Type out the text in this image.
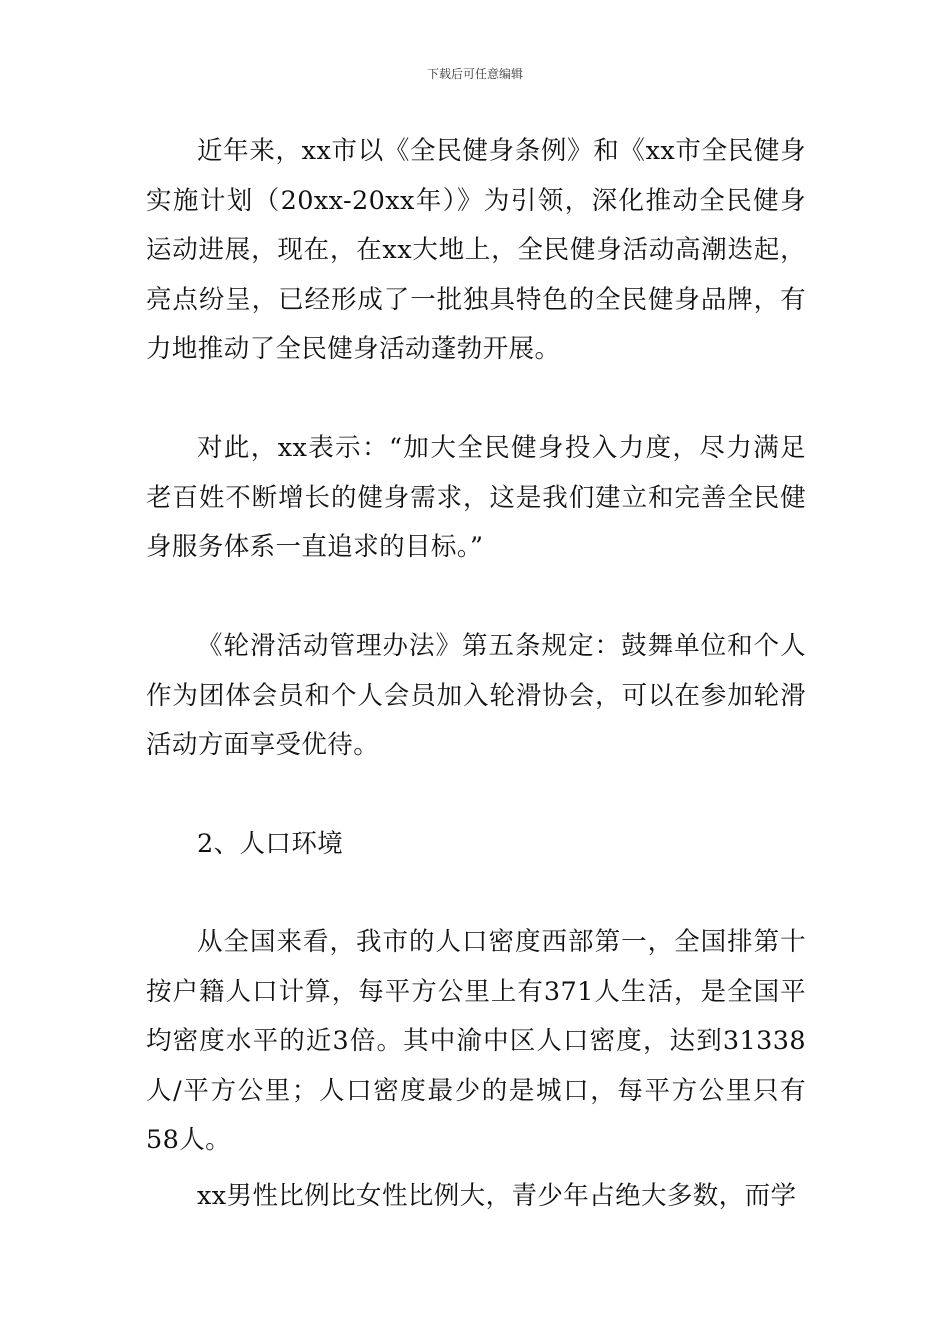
下载后可任意编辑

近年来，xx市以《全民健身条例》和《xx市全民健身实施计划（20xx-20xx年）》为引领，深化推动全民健身运动进展，现在，在xx大地上，全民健身活动高潮迭起，亮点纷呈，已经形成了一批独具特色的全民健身品牌，有力地推动了全民健身活动蓬勃开展。

对此，xx表示：“加大全民健身投入力度，尽力满足老百姓不断增长的健身需求，这是我们建立和完善全民健身服务体系一直追求的目标。”

《轮滑活动管理办法》第五条规定：鼓舞单位和个人作为团体会员和个人会员加入轮滑协会，可以在参加轮滑活动方面享受优待。

2、人口环境

从全国来看，我市的人口密度西部第一，全国排第十按户籍人口计算，每平方公里上有371人生活，是全国平均密度水平的近3倍。其中渝中区人口密度，达到31338人/平方公里；人口密度最少的是城口，每平方公里只有58人。

xx男性比例比女性比例大，青少年占绝大多数，而学
